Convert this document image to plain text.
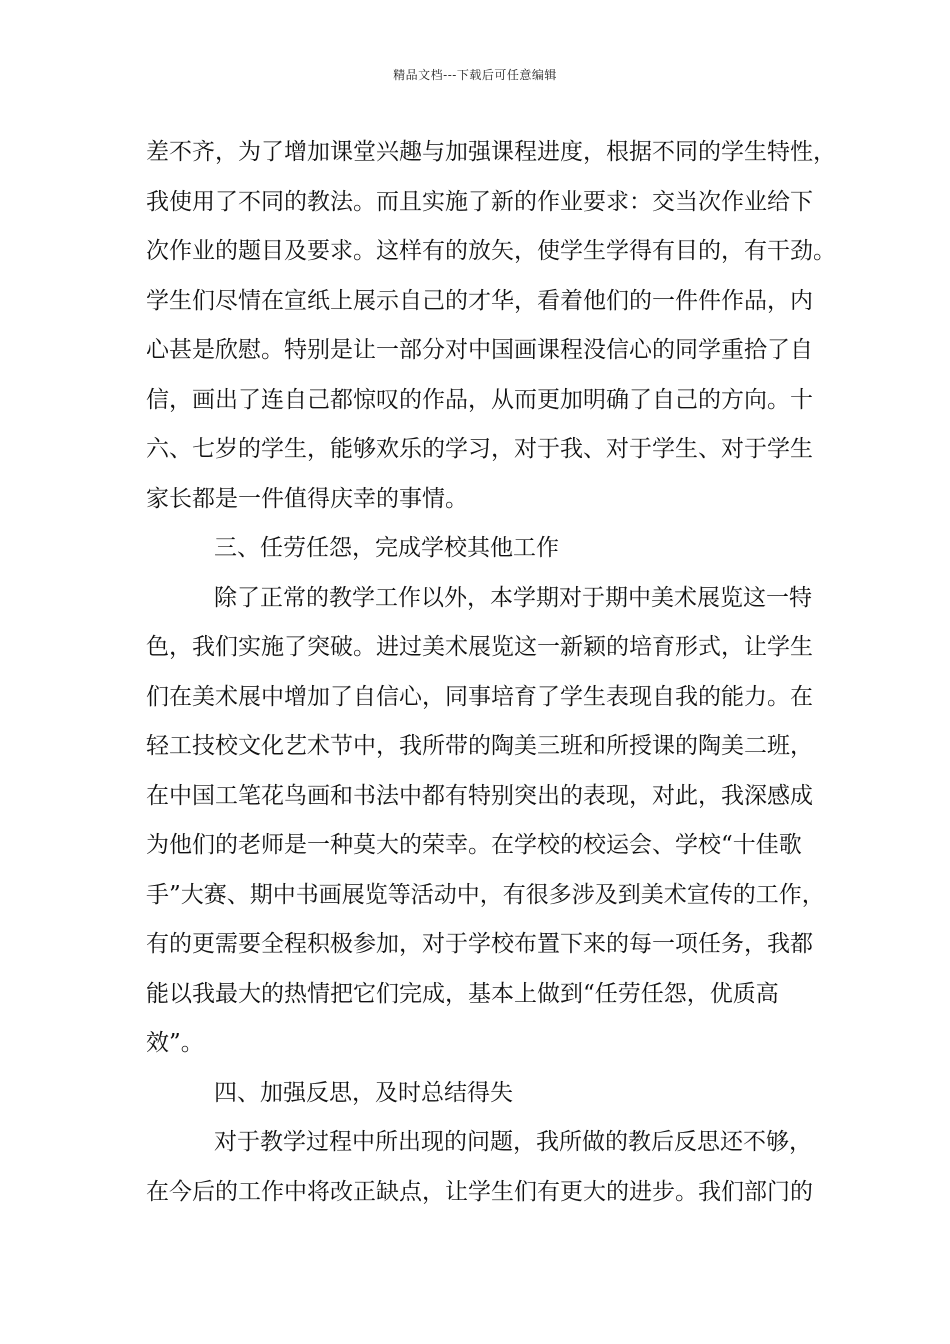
精品文档---下载后可任意编辑
差不齐，为了增加课堂兴趣与加强课程进度，根据不同的学生特性，
我使用了不同的教法。而且实施了新的作业要求：交当次作业给下
次作业的题目及要求。这样有的放矢，使学生学得有目的，有干劲。
学生们尽情在宣纸上展示自己的才华，看着他们的一件件作品，内
心甚是欣慰。特别是让一部分对中国画课程没信心的同学重拾了自
信，画出了连自己都惊叹的作品，从而更加明确了自己的方向。十
六、七岁的学生，能够欢乐的学习，对于我、对于学生、对于学生
家长都是一件值得庆幸的事情。
三、任劳任怨，完成学校其他工作
除了正常的教学工作以外，本学期对于期中美术展览这一特
色，我们实施了突破。进过美术展览这一新颖的培育形式，让学生
们在美术展中增加了自信心，同事培育了学生表现自我的能力。在
轻工技校文化艺术节中，我所带的陶美三班和所授课的陶美二班，
在中国工笔花鸟画和书法中都有特别突出的表现，对此，我深感成
为他们的老师是一种莫大的荣幸。在学校的校运会、学校“十佳歌
手”大赛、期中书画展览等活动中，有很多涉及到美术宣传的工作，
有的更需要全程积极参加，对于学校布置下来的每一项任务，我都
能以我最大的热情把它们完成，基本上做到“任劳任怨，优质高
效”。
四、加强反思，及时总结得失
对于教学过程中所出现的问题，我所做的教后反思还不够，
在今后的工作中将改正缺点，让学生们有更大的进步。我们部门的
